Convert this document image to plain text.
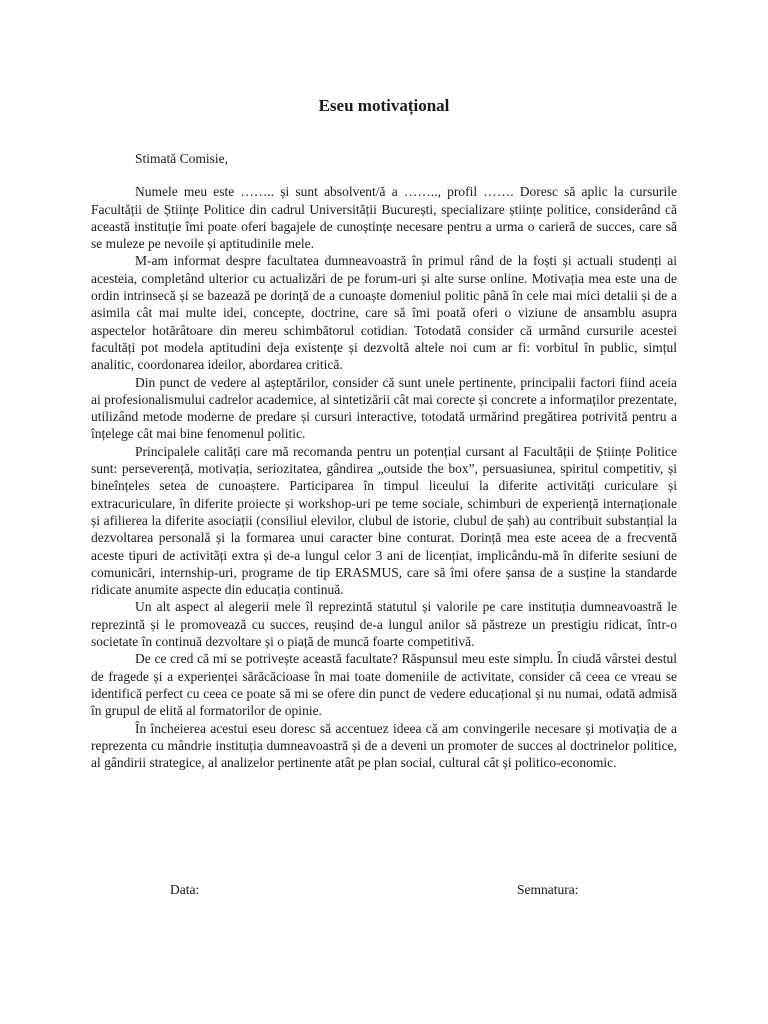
Eseu motivațional

Stimată Comisie,

Numele meu este …….. și sunt absolvent/ă a …….., profil ……. Doresc să aplic la cursurile Facultății de Științe Politice din cadrul Universității București, specializare științe politice, considerând că această instituție îmi poate oferi bagajele de cunoștințe necesare pentru a urma o carieră de succes, care să se muleze pe nevoile și aptitudinile mele.

M-am informat despre facultatea dumneavoastră în primul rând de la foști și actuali studenți ai acesteia, completând ulterior cu actualizări de pe forum-uri și alte surse online. Motivația mea este una de ordin intrinsecă și se bazează pe dorință de a cunoaște domeniul politic până în cele mai mici detalii și de a asimila cât mai multe idei, concepte, doctrine, care să îmi poată oferi o viziune de ansamblu asupra aspectelor hotărâtoare din mereu schimbătorul cotidian. Totodată consider că urmând cursurile acestei facultăți pot modela aptitudini deja existențe și dezvoltă altele noi cum ar fi: vorbitul în public, simțul analitic, coordonarea ideilor, abordarea critică.

Din punct de vedere al așteptărilor, consider că sunt unele pertinente, principalii factori fiind aceia ai profesionalismului cadrelor academice, al sintetizării cât mai corecte și concrete a informaților prezentate, utilizând metode moderne de predare și cursuri interactive, totodată urmărind pregătirea potrivită pentru a înțelege cât mai bine fenomenul politic.

Principalele calități care mă recomanda pentru un potențial cursant al Facultății de Științe Politice sunt: perseverență, motivația, seriozitatea, gândirea „outside the box”, persuasiunea, spiritul competitiv, și bineînțeles setea de cunoaștere. Participarea în timpul liceului la diferite activități curiculare și extracuriculare, în diferite proiecte și workshop-uri pe teme sociale, schimburi de experiență internaționale și afilierea la diferite asociații (consiliul elevilor, clubul de istorie, clubul de șah) au contribuit substanțial la dezvoltarea personală și la formarea unui caracter bine conturat. Dorință mea este aceea de a frecventă aceste tipuri de activități extra și de-a lungul celor 3 ani de licențiat, implicându-mă în diferite sesiuni de comunicări, internship-uri, programe de tip ERASMUS, care să îmi ofere șansa de a susține la standarde ridicate anumite aspecte din educația continuă.

Un alt aspect al alegerii mele îl reprezintă statutul și valorile pe care instituția dumneavoastră le reprezintă și le promovează cu succes, reușind de-a lungul anilor să păstreze un prestigiu ridicat, într-o societate în continuă dezvoltare și o piață de muncă foarte competitivă.

De ce cred că mi se potrivește această facultate? Răspunsul meu este simplu. În ciudă vârstei destul de fragede și a experienței sărăcăcioase în mai toate domeniile de activitate, consider că ceea ce vreau se identifică perfect cu ceea ce poate să mi se ofere din punct de vedere educațional și nu numai, odată admisă în grupul de elită al formatorilor de opinie.

În încheierea acestui eseu doresc să accentuez ideea că am convingerile necesare și motivația de a reprezenta cu mândrie instituția dumneavoastră și de a deveni un promoter de succes al doctrinelor politice, al gândirii strategice, al analizelor pertinente atât pe plan social, cultural cât și politico-economic.

Data:	Semnatura:
